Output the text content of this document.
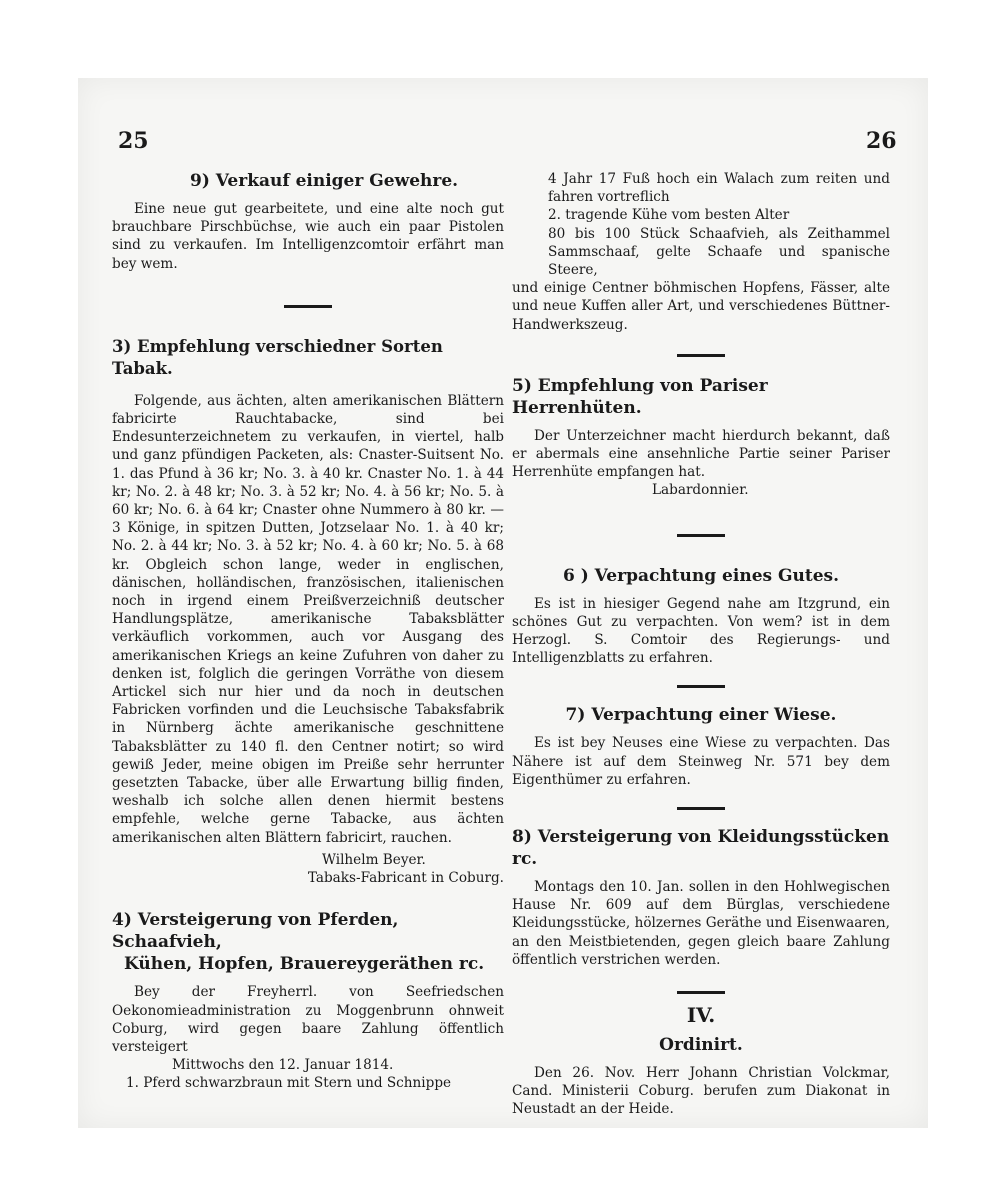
25	26
9) Verkauf einiger Gewehre.

Eine neue gut gearbeitete, und eine alte noch gut brauchbare Pirschbüchse, wie auch ein paar Pistolen sind zu verkaufen. Im Intelligenzcomtoir erfährt man bey wem.

3) Empfehlung verschiedner Sorten Tabak.

Folgende, aus ächten, alten amerikanischen Blättern fabricirte Rauchtabacke, sind bei Endesunterzeichnetem zu verkaufen, in viertel, halb und ganz pfündigen Packeten, als: Cnaster-Suitsent No. 1. das Pfund à 36 kr; No. 3. à 40 kr. Cnaster No. 1. à 44 kr; No. 2. à 48 kr; No. 3. à 52 kr; No. 4. à 56 kr; No. 5. à 60 kr; No. 6. à 64 kr; Cnaster ohne Nummero à 80 kr. — 3 Könige, in spitzen Dutten, Jotzselaar No. 1. à 40 kr; No. 2. à 44 kr; No. 3. à 52 kr; No. 4. à 60 kr; No. 5. à 68 kr. Obgleich schon lange, weder in englischen, dänischen, holländischen, französischen, italienischen noch in irgend einem Preißverzeichniß deutscher Handlungsplätze, amerikanische Tabaksblätter verkäuflich vorkommen, auch vor Ausgang des amerikanischen Kriegs an keine Zufuhren von daher zu denken ist, folglich die geringen Vorräthe von diesem Artickel sich nur hier und da noch in deutschen Fabricken vorfinden und die Leuchsische Tabaksfabrik in Nürnberg ächte amerikanische geschnittene Tabaksblätter zu 140 fl. den Centner notirt; so wird gewiß Jeder, meine obigen im Preiße sehr herrunter gesetzten Tabacke, über alle Erwartung billig finden, weshalb ich solche allen denen hiermit bestens empfehle, welche gerne Tabacke, aus ächten amerikanischen alten Blättern fabricirt, rauchen.

Wilhelm Beyer.

Tabaks-Fabricant in Coburg.

4) Versteigerung von Pferden, Schaafvieh,
Kühen, Hopfen, Brauereygeräthen rc.

Bey der Freyherrl. von Seefriedschen Oekonomieadministration zu Moggenbrunn ohnweit Coburg, wird gegen baare Zahlung öffentlich versteigert

Mittwochs den 12. Januar 1814.

1. Pferd schwarzbraun mit Stern und Schnippe

4 Jahr 17 Fuß hoch ein Walach zum reiten und fahren vortreflich
2. tragende Kühe vom besten Alter
80 bis 100 Stück Schaafvieh, als Zeithammel Sammschaaf, gelte Schaafe und spanische Steere,
und einige Centner böhmischen Hopfens, Fässer, alte und neue Kuffen aller Art, und verschiedenes Büttner-Handwerkszeug.
5) Empfehlung von Pariser Herrenhüten.

Der Unterzeichner macht hierdurch bekannt, daß er abermals eine ansehnliche Partie seiner Pariser Herrenhüte empfangen hat.

Labardonnier.

6 ) Verpachtung eines Gutes.

Es ist in hiesiger Gegend nahe am Itzgrund, ein schönes Gut zu verpachten. Von wem? ist in dem Herzogl. S. Comtoir des Regierungs- und Intelligenzblatts zu erfahren.

7) Verpachtung einer Wiese.

Es ist bey Neuses eine Wiese zu verpachten. Das Nähere ist auf dem Steinweg Nr. 571 bey dem Eigenthümer zu erfahren.

8) Versteigerung von Kleidungsstücken rc.

Montags den 10. Jan. sollen in den Hohlwegischen Hause Nr. 609 auf dem Bürglas, verschiedene Kleidungsstücke, hölzernes Geräthe und Eisenwaaren, an den Meistbietenden, gegen gleich baare Zahlung öffentlich verstrichen werden.

IV.
Ordinirt.

Den 26. Nov. Herr Johann Christian Volckmar, Cand. Ministerii Coburg. berufen zum Diakonat in Neustadt an der Heide.
